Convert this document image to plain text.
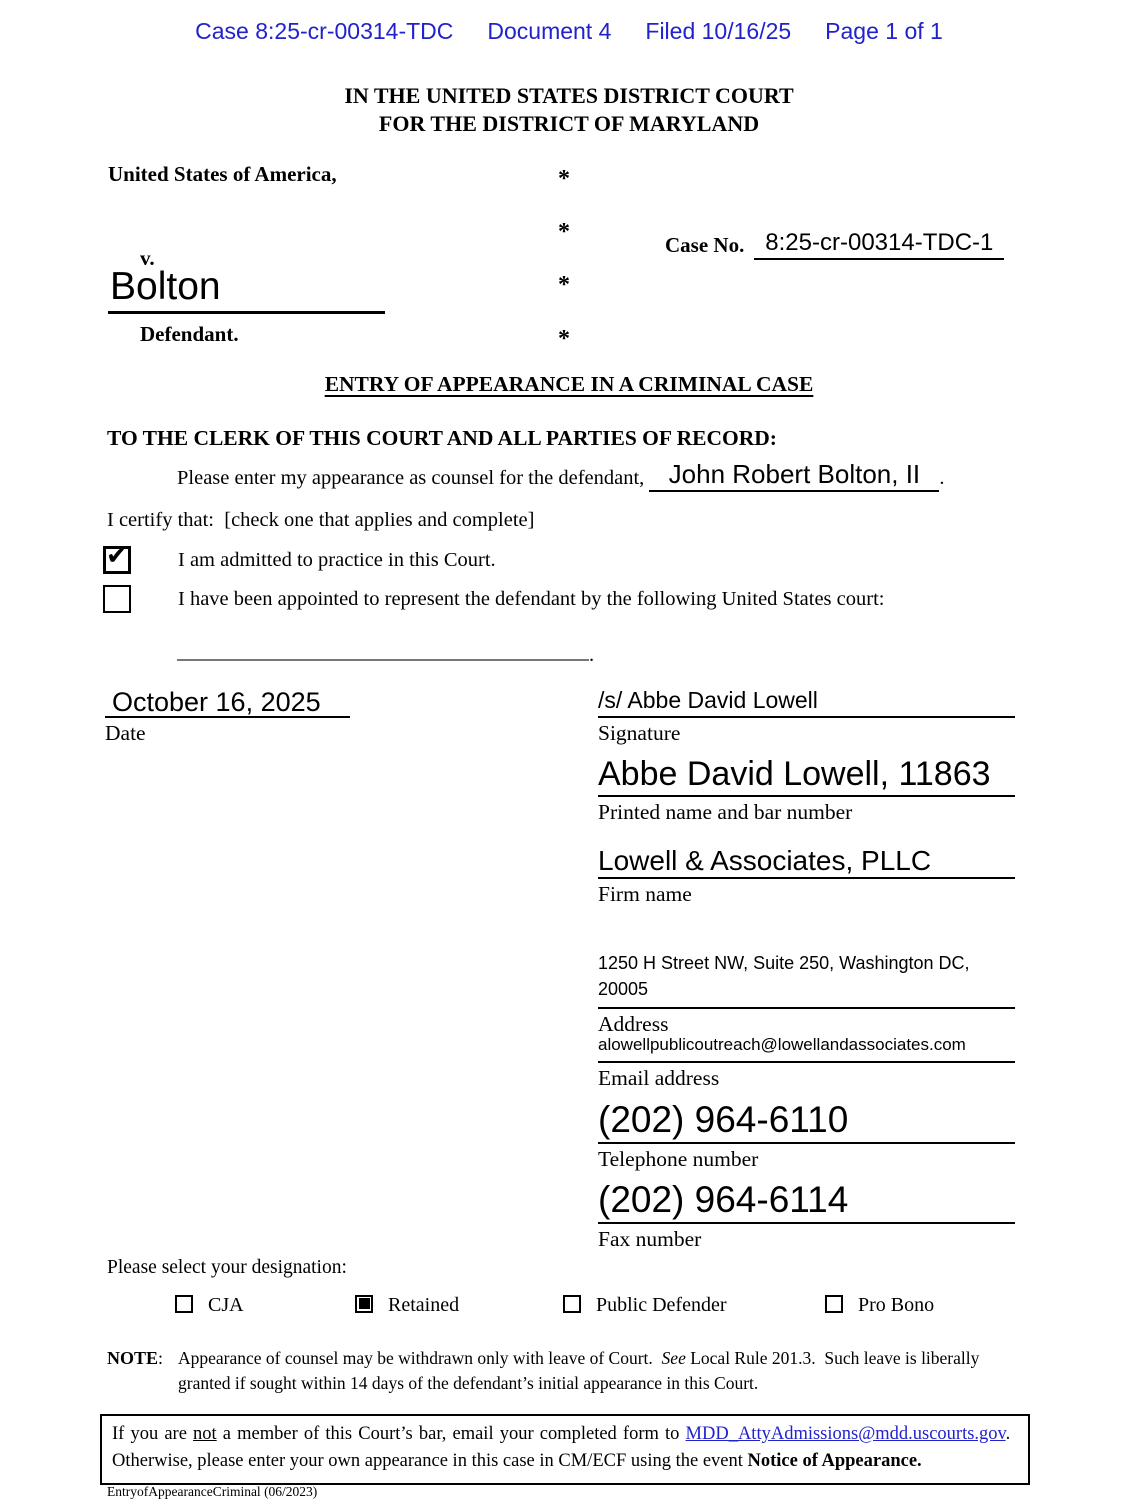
Case 8:25-cr-00314-TDC Document 4 Filed 10/16/25 Page 1 of 1
IN THE UNITED STATES DISTRICT COURT
FOR THE DISTRICT OF MARYLAND
United States of America,	*
*
*
*
v.
Bolton
Defendant.
Case No. 8:25-cr-00314-TDC-1
ENTRY OF APPEARANCE IN A CRIMINAL CASE
TO THE CLERK OF THIS COURT AND ALL PARTIES OF RECORD:
Please enter my appearance as counsel for the defendant, John Robert Bolton, II .
I certify that:  [check one that applies and complete]
✔ I am admitted to practice in this Court.
I have been appointed to represent the defendant by the following United States court:
.
October 16, 2025
Date
/s/ Abbe David Lowell
Signature
Abbe David Lowell, 11863
Printed name and bar number
Lowell & Associates, PLLC
Firm name
1250 H Street NW, Suite 250, Washington DC, 20005
Address
alowellpublicoutreach@lowellandassociates.com
Email address
(202) 964-6110
Telephone number
(202) 964-6114
Fax number
Please select your designation:
CJA	Retained	Public Defender	Pro Bono
NOTE: Appearance of counsel may be withdrawn only with leave of Court.  See Local Rule 201.3.  Such leave is liberally
granted if sought within 14 days of the defendant’s initial appearance in this Court.
If you are not a member of this Court’s bar, email your completed form to MDD_AttyAdmissions@mdd.uscourts.gov.
Otherwise, please enter your own appearance in this case in CM/ECF using the event Notice of Appearance.
EntryofAppearanceCriminal (06/2023)
